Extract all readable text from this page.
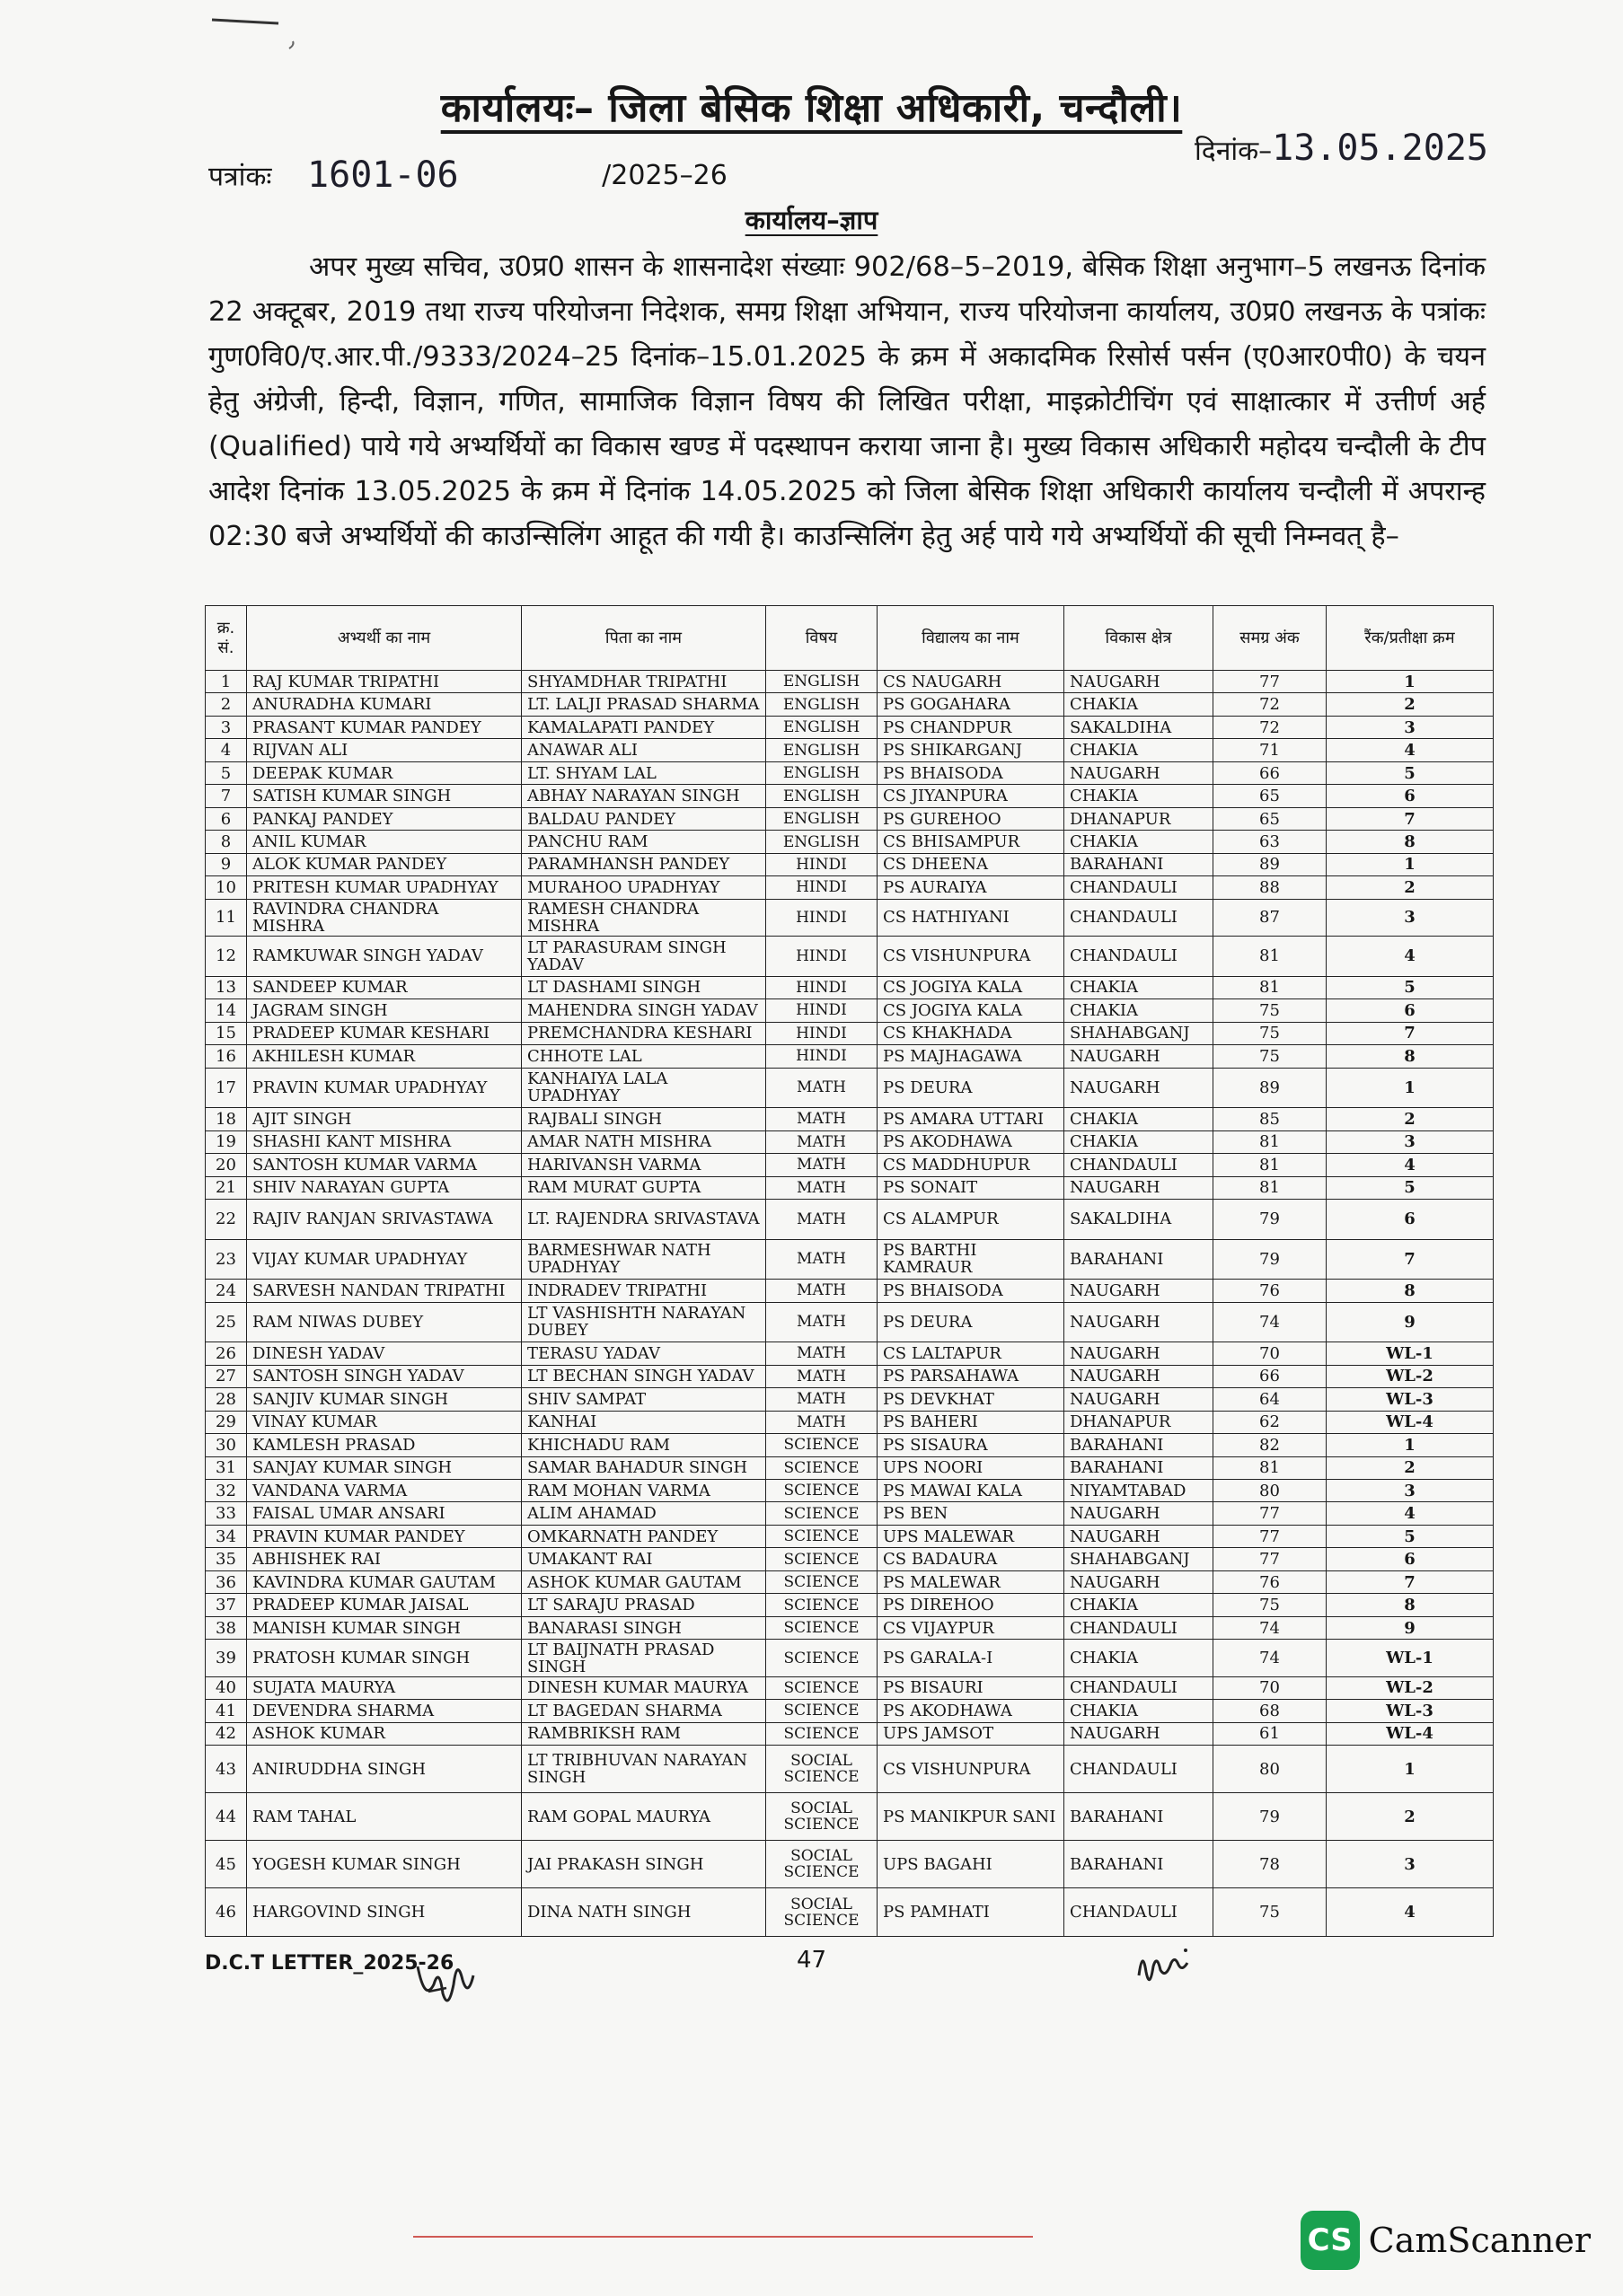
कार्यालयः– जिला बेसिक शिक्षा अधिकारी, चन्दौली।
पत्रांकः 1601-06	/2025–26
दिनांक–13.05.2025
कार्यालय–ज्ञाप
अपर मुख्य सचिव, उ0प्र0 शासन के शासनादेश संख्याः 902/68–5–2019, बेसिक शिक्षा अनुभाग–5 लखनऊ दिनांक 22 अक्टूबर, 2019 तथा राज्य परियोजना निदेशक, समग्र शिक्षा अभियान, राज्य परियोजना कार्यालय, उ0प्र0 लखनऊ के पत्रांकः गुण0वि0/ए.आर.पी./9333/2024–25 दिनांक–15.01.2025 के क्रम में अकादमिक रिसोर्स पर्सन (ए0आर0पी0) के चयन हेतु अंग्रेजी, हिन्दी, विज्ञान, गणित, सामाजिक विज्ञान विषय की लिखित परीक्षा, माइक्रोटीचिंग एवं साक्षात्कार में उत्तीर्ण अर्ह (Qualified) पाये गये अभ्यर्थियों का विकास खण्ड में पदस्थापन कराया जाना है। मुख्य विकास अधिकारी महोदय चन्दौली के टीप आदेश दिनांक 13.05.2025 के क्रम में दिनांक 14.05.2025 को जिला बेसिक शिक्षा अधिकारी कार्यालय चन्दौली में अपरान्ह 02:30 बजे अभ्यर्थियों की काउन्सिलिंग आहूत की गयी है। काउन्सिलिंग हेतु अर्ह पाये गये अभ्यर्थियों की सूची निम्नवत् है–
क्र. सं.	अभ्यर्थी का नाम	पिता का नाम	विषय	विद्यालय का नाम	विकास क्षेत्र	समग्र अंक	रैंक/प्रतीक्षा क्रम
1	RAJ KUMAR TRIPATHI	SHYAMDHAR TRIPATHI	ENGLISH	CS NAUGARH	NAUGARH	77	1
2	ANURADHA KUMARI	LT. LALJI PRASAD SHARMA	ENGLISH	PS GOGAHARA	CHAKIA	72	2
3	PRASANT KUMAR PANDEY	KAMALAPATI PANDEY	ENGLISH	PS CHANDPUR	SAKALDIHA	72	3
4	RIJVAN ALI	ANAWAR ALI	ENGLISH	PS SHIKARGANJ	CHAKIA	71	4
5	DEEPAK KUMAR	LT. SHYAM LAL	ENGLISH	PS BHAISODA	NAUGARH	66	5
7	SATISH KUMAR SINGH	ABHAY NARAYAN SINGH	ENGLISH	CS JIYANPURA	CHAKIA	65	6
6	PANKAJ PANDEY	BALDAU PANDEY	ENGLISH	PS GUREHOO	DHANAPUR	65	7
8	ANIL KUMAR	PANCHU RAM	ENGLISH	CS BHISAMPUR	CHAKIA	63	8
9	ALOK KUMAR PANDEY	PARAMHANSH PANDEY	HINDI	CS DHEENA	BARAHANI	89	1
10	PRITESH KUMAR UPADHYAY	MURAHOO UPADHYAY	HINDI	PS AURAIYA	CHANDAULI	88	2
11	RAVINDRA CHANDRA MISHRA	RAMESH CHANDRA MISHRA	HINDI	CS HATHIYANI	CHANDAULI	87	3
12	RAMKUWAR SINGH YADAV	LT PARASURAM SINGH YADAV	HINDI	CS VISHUNPURA	CHANDAULI	81	4
13	SANDEEP KUMAR	LT DASHAMI SINGH	HINDI	CS JOGIYA KALA	CHAKIA	81	5
14	JAGRAM SINGH	MAHENDRA SINGH YADAV	HINDI	CS JOGIYA KALA	CHAKIA	75	6
15	PRADEEP KUMAR KESHARI	PREMCHANDRA KESHARI	HINDI	CS KHAKHADA	SHAHABGANJ	75	7
16	AKHILESH KUMAR	CHHOTE LAL	HINDI	PS MAJHAGAWA	NAUGARH	75	8
17	PRAVIN KUMAR UPADHYAY	KANHAIYA LALA UPADHYAY	MATH	PS DEURA	NAUGARH	89	1
18	AJIT SINGH	RAJBALI SINGH	MATH	PS AMARA UTTARI	CHAKIA	85	2
19	SHASHI KANT MISHRA	AMAR NATH MISHRA	MATH	PS AKODHAWA	CHAKIA	81	3
20	SANTOSH KUMAR VARMA	HARIVANSH VARMA	MATH	CS MADDHUPUR	CHANDAULI	81	4
21	SHIV NARAYAN GUPTA	RAM MURAT GUPTA	MATH	PS SONAIT	NAUGARH	81	5
22	RAJIV RANJAN SRIVASTAWA	LT. RAJENDRA SRIVASTAVA	MATH	CS ALAMPUR	SAKALDIHA	79	6
23	VIJAY KUMAR UPADHYAY	BARMESHWAR NATH UPADHYAY	MATH	PS BARTHI KAMRAUR	BARAHANI	79	7
24	SARVESH NANDAN TRIPATHI	INDRADEV TRIPATHI	MATH	PS BHAISODA	NAUGARH	76	8
25	RAM NIWAS DUBEY	LT VASHISHTH NARAYAN DUBEY	MATH	PS DEURA	NAUGARH	74	9
26	DINESH YADAV	TERASU YADAV	MATH	CS LALTAPUR	NAUGARH	70	WL-1
27	SANTOSH SINGH YADAV	LT BECHAN SINGH YADAV	MATH	PS PARSAHAWA	NAUGARH	66	WL-2
28	SANJIV KUMAR SINGH	SHIV SAMPAT	MATH	PS DEVKHAT	NAUGARH	64	WL-3
29	VINAY KUMAR	KANHAI	MATH	PS BAHERI	DHANAPUR	62	WL-4
30	KAMLESH PRASAD	KHICHADU RAM	SCIENCE	PS SISAURA	BARAHANI	82	1
31	SANJAY KUMAR SINGH	SAMAR BAHADUR SINGH	SCIENCE	UPS NOORI	BARAHANI	81	2
32	VANDANA VARMA	RAM MOHAN VARMA	SCIENCE	PS MAWAI KALA	NIYAMTABAD	80	3
33	FAISAL UMAR ANSARI	ALIM AHAMAD	SCIENCE	PS BEN	NAUGARH	77	4
34	PRAVIN KUMAR PANDEY	OMKARNATH PANDEY	SCIENCE	UPS MALEWAR	NAUGARH	77	5
35	ABHISHEK RAI	UMAKANT RAI	SCIENCE	CS BADAURA	SHAHABGANJ	77	6
36	KAVINDRA KUMAR GAUTAM	ASHOK KUMAR GAUTAM	SCIENCE	PS MALEWAR	NAUGARH	76	7
37	PRADEEP KUMAR JAISAL	LT SARAJU PRASAD	SCIENCE	PS DIREHOO	CHAKIA	75	8
38	MANISH KUMAR SINGH	BANARASI SINGH	SCIENCE	CS VIJAYPUR	CHANDAULI	74	9
39	PRATOSH KUMAR SINGH	LT BAIJNATH PRASAD SINGH	SCIENCE	PS GARALA-I	CHAKIA	74	WL-1
40	SUJATA MAURYA	DINESH KUMAR MAURYA	SCIENCE	PS BISAURI	CHANDAULI	70	WL-2
41	DEVENDRA SHARMA	LT BAGEDAN SHARMA	SCIENCE	PS AKODHAWA	CHAKIA	68	WL-3
42	ASHOK KUMAR	RAMBRIKSH RAM	SCIENCE	UPS JAMSOT	NAUGARH	61	WL-4
43	ANIRUDDHA SINGH	LT TRIBHUVAN NARAYAN SINGH	SOCIAL SCIENCE	CS VISHUNPURA	CHANDAULI	80	1
44	RAM TAHAL	RAM GOPAL MAURYA	SOCIAL SCIENCE	PS MANIKPUR SANI	BARAHANI	79	2
45	YOGESH KUMAR SINGH	JAI PRAKASH SINGH	SOCIAL SCIENCE	UPS BAGAHI	BARAHANI	78	3
46	HARGOVIND SINGH	DINA NATH SINGH	SOCIAL SCIENCE	PS PAMHATI	CHANDAULI	75	4
D.C.T LETTER_2025-26	47
CS CamScanner
